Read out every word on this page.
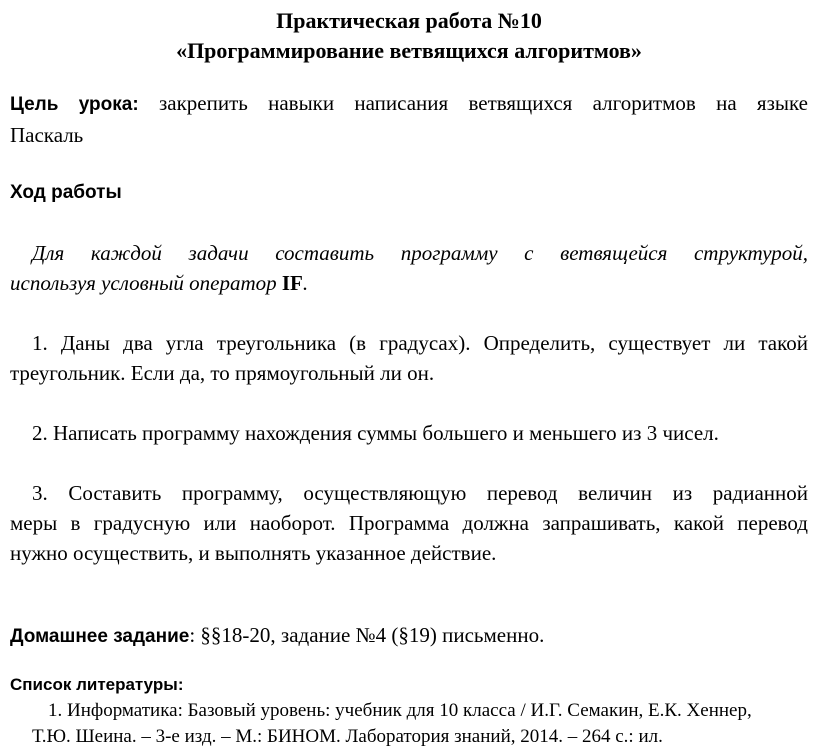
Практическая работа №10

«Программирование ветвящихся алгоритмов»

Цель урока: закрепить навыки написания ветвящихся алгоритмов на языке
Паскаль

Ход работы

Для каждой задачи составить программу с ветвящейся структурой,
используя условный оператор IF.
1. Даны два угла треугольника (в градусах). Определить, существует ли такой
треугольник. Если да, то прямоугольный ли он.
2. Написать программу нахождения суммы большего и меньшего из 3 чисел.
3. Составить программу, осуществляющую перевод величин из радианной
меры в градусную или наоборот. Программа должна запрашивать, какой перевод
нужно осуществить, и выполнять указанное действие.

Домашнее задание: §§18-20, задание №4 (§19) письменно.

Список литературы:

1. Информатика: Базовый уровень: учебник для 10 класса / И.Г. Семакин, Е.К. Хеннер,
Т.Ю. Шеина. – 3-е изд. – М.: БИНОМ. Лаборатория знаний, 2014. – 264 с.: ил.
